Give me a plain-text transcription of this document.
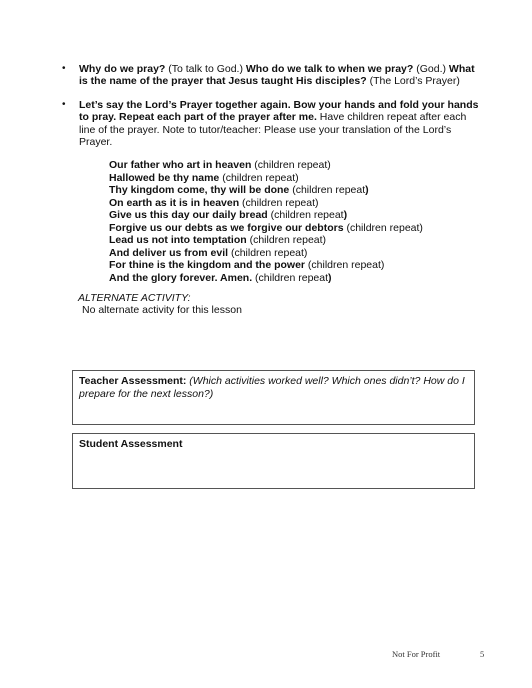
• Why do we pray? (To talk to God.) Who do we talk to when we pray? (God.) What is the name of the prayer that Jesus taught His disciples? (The Lord’s Prayer)
• Let’s say the Lord’s Prayer together again. Bow your hands and fold your hands to pray. Repeat each part of the prayer after me. Have children repeat after each line of the prayer. Note to tutor/teacher: Please use your translation of the Lord’s Prayer.
Our father who art in heaven (children repeat)
Hallowed be thy name (children repeat)
Thy kingdom come, thy will be done (children repeat)
On earth as it is in heaven (children repeat)
Give us this day our daily bread (children repeat)
Forgive us our debts as we forgive our debtors (children repeat)
Lead us not into temptation (children repeat)
And deliver us from evil (children repeat)
For thine is the kingdom and the power (children repeat)
And the glory forever. Amen. (children repeat)
ALTERNATE ACTIVITY:
No alternate activity for this lesson
Teacher Assessment: (Which activities worked well? Which ones didn’t? How do I prepare for the next lesson?)
Student Assessment
Not For Profit	5
